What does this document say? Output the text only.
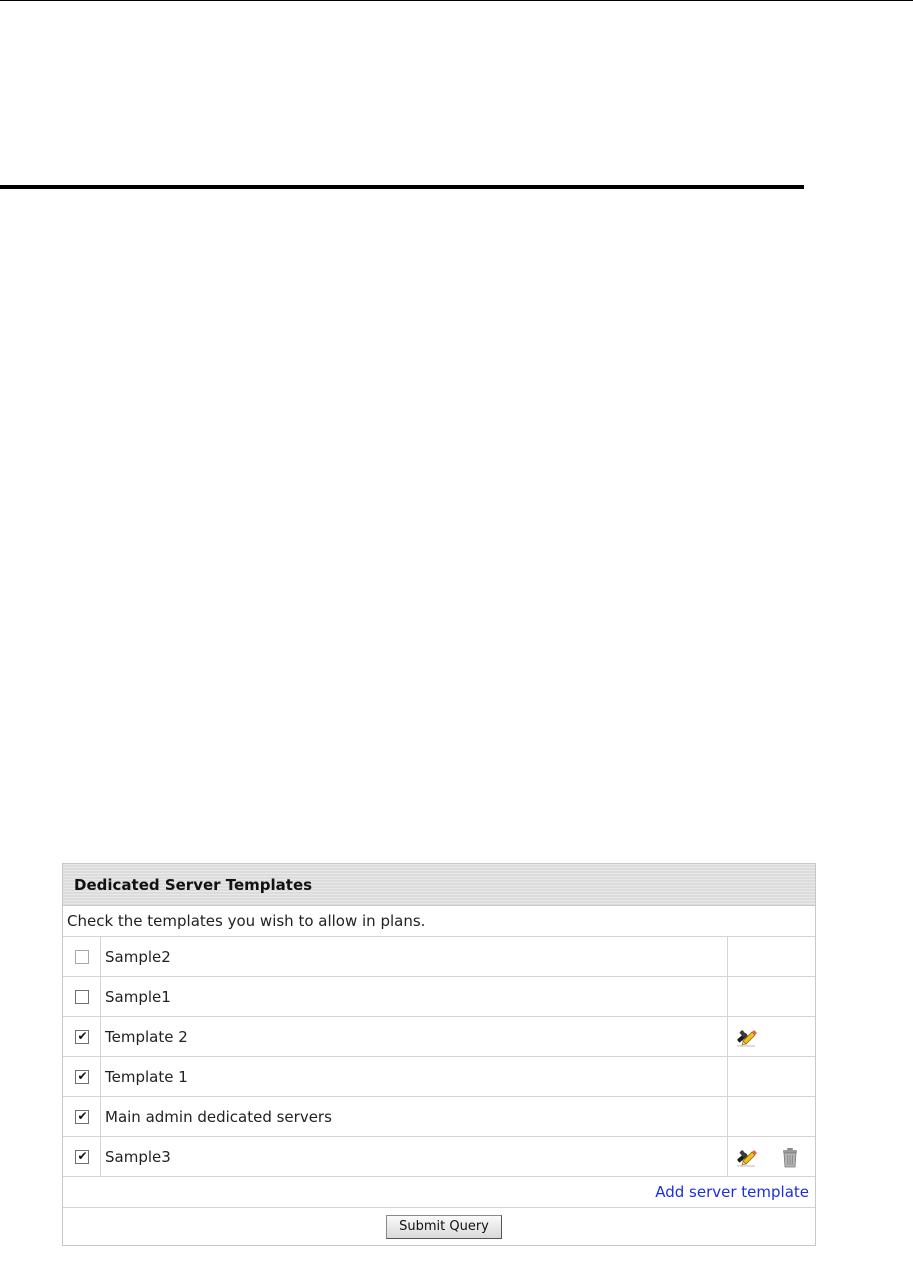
Dedicated Server Templates
Check the templates you wish to allow in plans.
Sample2
Sample1
✔ Template 2
✔ Template 1
✔ Main admin dedicated servers
✔ Sample3
Add server template
Submit Query
